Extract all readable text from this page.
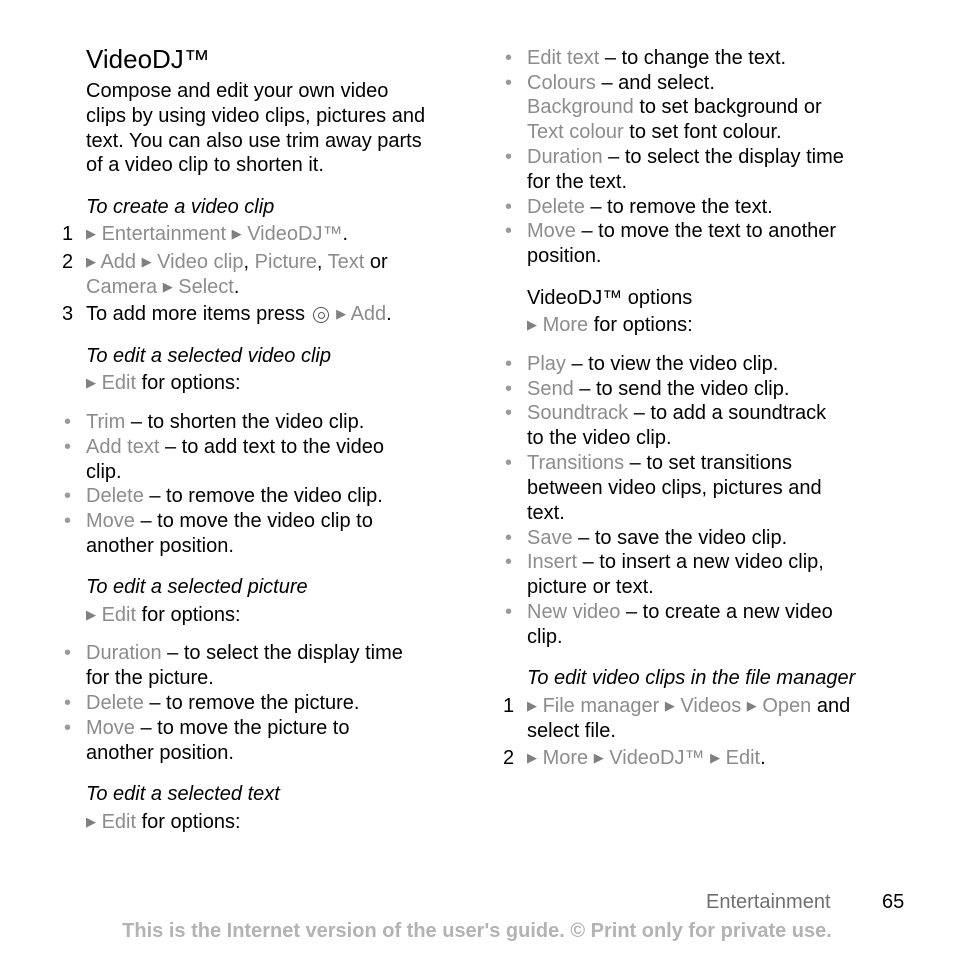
VideoDJ™
Compose and edit your own video
clips by using video clips, pictures and
text. You can also use trim away parts
of a video clip to shorten it.
To create a video clip
1 ▶ Entertainment ▶ VideoDJ™.
2 ▶ Add ▶ Video clip, Picture, Text or
Camera ▶ Select.
3 To add more items press ▶ Add.
To edit a selected video clip
▶ Edit for options:
• Trim – to shorten the video clip.
• Add text – to add text to the video
clip.
• Delete – to remove the video clip.
• Move – to move the video clip to
another position.
To edit a selected picture
▶ Edit for options:
• Duration – to select the display time
for the picture.
• Delete – to remove the picture.
• Move – to move the picture to
another position.
To edit a selected text
▶ Edit for options:
• Edit text – to change the text.
• Colours – and select.
Background to set background or
Text colour to set font colour.
• Duration – to select the display time
for the text.
• Delete – to remove the text.
• Move – to move the text to another
position.
VideoDJ™ options
▶ More for options:
• Play – to view the video clip.
• Send – to send the video clip.
• Soundtrack – to add a soundtrack
to the video clip.
• Transitions – to set transitions
between video clips, pictures and
text.
• Save – to save the video clip.
• Insert – to insert a new video clip,
picture or text.
• New video – to create a new video
clip.
To edit video clips in the file manager
1 ▶ File manager ▶ Videos ▶ Open and
select file.
2 ▶ More ▶ VideoDJ™ ▶ Edit.
Entertainment	65
This is the Internet version of the user's guide. © Print only for private use.
